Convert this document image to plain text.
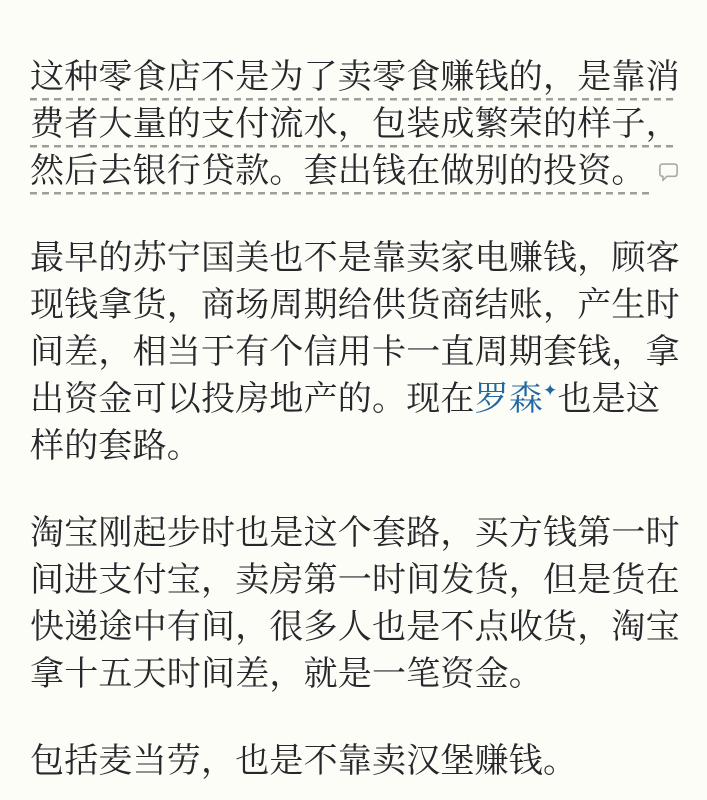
这种零食店不是为了卖零食赚钱的，是靠消
费者大量的支付流水，包装成繁荣的样子，
然后去银行贷款。套出钱在做别的投资。
最早的苏宁国美也不是靠卖家电赚钱，顾客
现钱拿货，商场周期给供货商结账，产生时
间差，相当于有个信用卡一直周期套钱，拿
出资金可以投房地产的。现在罗森✦也是这
样的套路。
淘宝刚起步时也是这个套路，买方钱第一时
间进支付宝，卖房第一时间发货，但是货在
快递途中有间，很多人也是不点收货，淘宝
拿十五天时间差，就是一笔资金。
包括麦当劳，也是不靠卖汉堡赚钱。
